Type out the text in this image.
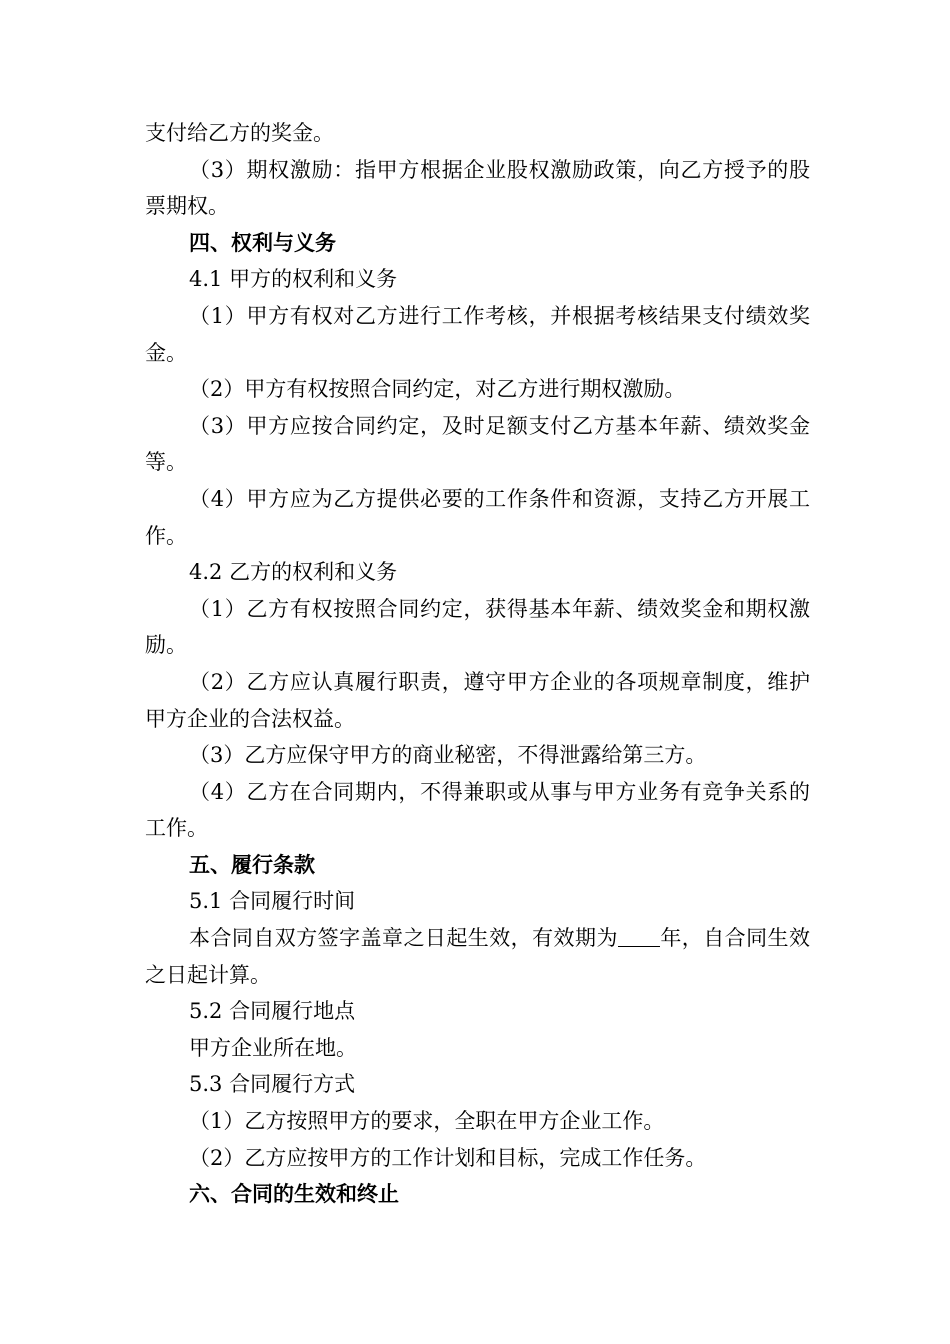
支付给乙方的奖金。

（3）期权激励：指甲方根据企业股权激励政策，向乙方授予的股票期权。

四、权利与义务

4.1 甲方的权利和义务

（1）甲方有权对乙方进行工作考核，并根据考核结果支付绩效奖金。

（2）甲方有权按照合同约定，对乙方进行期权激励。

（3）甲方应按合同约定，及时足额支付乙方基本年薪、绩效奖金等。

（4）甲方应为乙方提供必要的工作条件和资源，支持乙方开展工作。

4.2 乙方的权利和义务

（1）乙方有权按照合同约定，获得基本年薪、绩效奖金和期权激励。

（2）乙方应认真履行职责，遵守甲方企业的各项规章制度，维护甲方企业的合法权益。

（3）乙方应保守甲方的商业秘密，不得泄露给第三方。

（4）乙方在合同期内，不得兼职或从事与甲方业务有竞争关系的工作。

五、履行条款

5.1 合同履行时间

本合同自双方签字盖章之日起生效，有效期为 年，自合同生效之日起计算。

5.2 合同履行地点

甲方企业所在地。

5.3 合同履行方式

（1）乙方按照甲方的要求，全职在甲方企业工作。

（2）乙方应按甲方的工作计划和目标，完成工作任务。

六、合同的生效和终止
